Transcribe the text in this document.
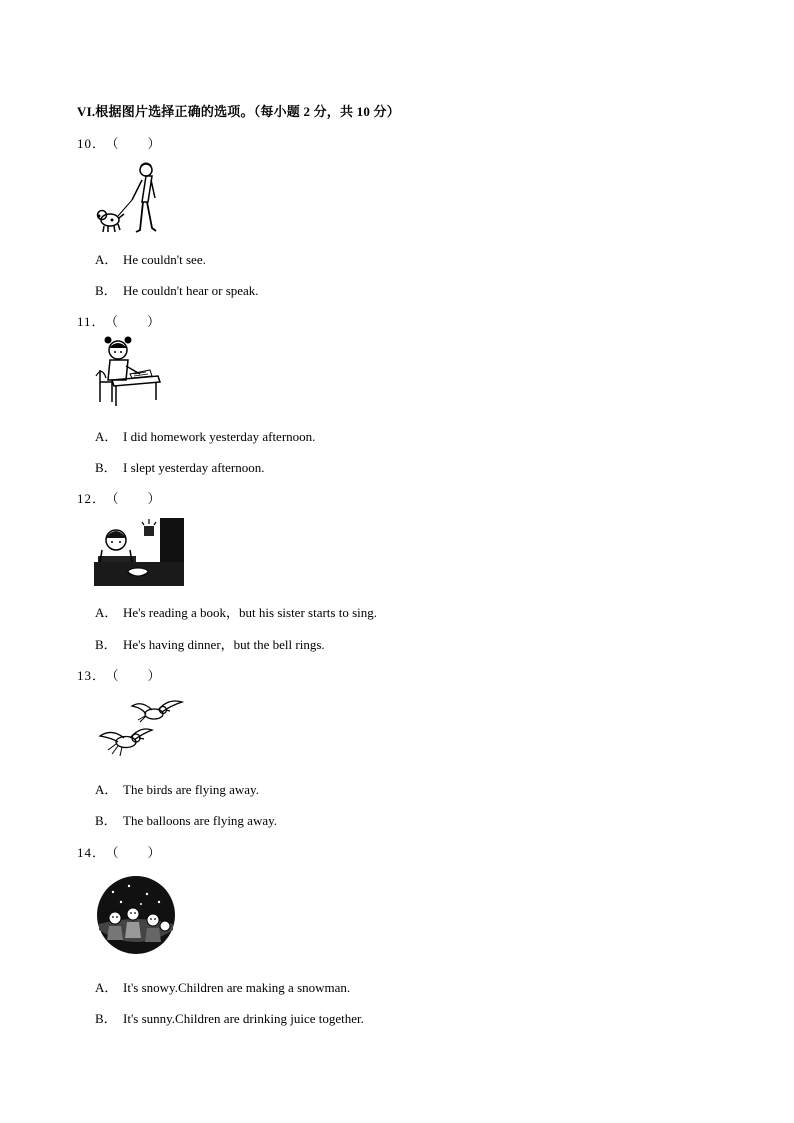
VI.根据图片选择正确的选项。（每小题 2 分，共 10 分）
10． （ ）
A． He couldn't see.
B． He couldn't hear or speak.
11． （ ）
A． I did homework yesterday afternoon.
B． I slept yesterday afternoon.
12． （ ）
A． He's reading a book，but his sister starts to sing.
B． He's having dinner，but the bell rings.
13． （ ）
A． The birds are flying away.
B． The balloons are flying away.
14． （ ）
A． It's snowy.Children are making a snowman.
B． It's sunny.Children are drinking juice together.
